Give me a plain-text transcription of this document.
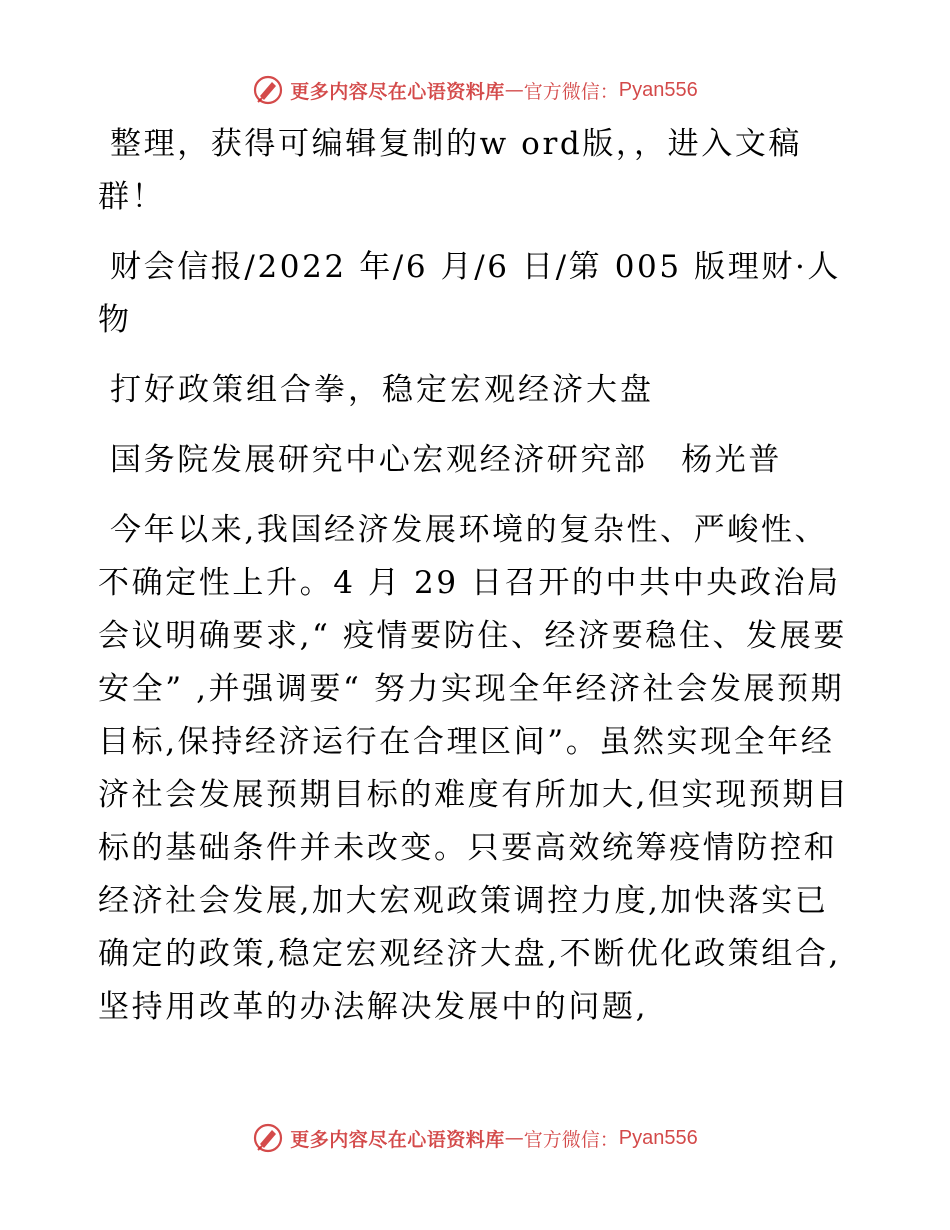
更多内容尽在心语资料库 — 官方微信： Pyan556

整理，获得可编辑复制的w ord版，，进入文稿群！

财会信报/2022 年/6 月/6 日/第 005 版理财·人物

打好政策组合拳，稳定宏观经济大盘

国务院发展研究中心宏观经济研究部　杨光普

今年以来,我国经济发展环境的复杂性、严峻性、不确定性上升。4 月 29 日召开的中共中央政治局会议明确要求,“ 疫情要防住、经济要稳住、发展要安全” ,并强调要“ 努力实现全年经济社会发展预期目标,保持经济运行在合理区间”。虽然实现全年经济社会发展预期目标的难度有所加大,但实现预期目标的基础条件并未改变。只要高效统筹疫情防控和经济社会发展,加大宏观政策调控力度,加快落实已确定的政策,稳定宏观经济大盘,不断优化政策组合,坚持用改革的办法解决发展中的问题,

更多内容尽在心语资料库 — 官方微信： Pyan556
